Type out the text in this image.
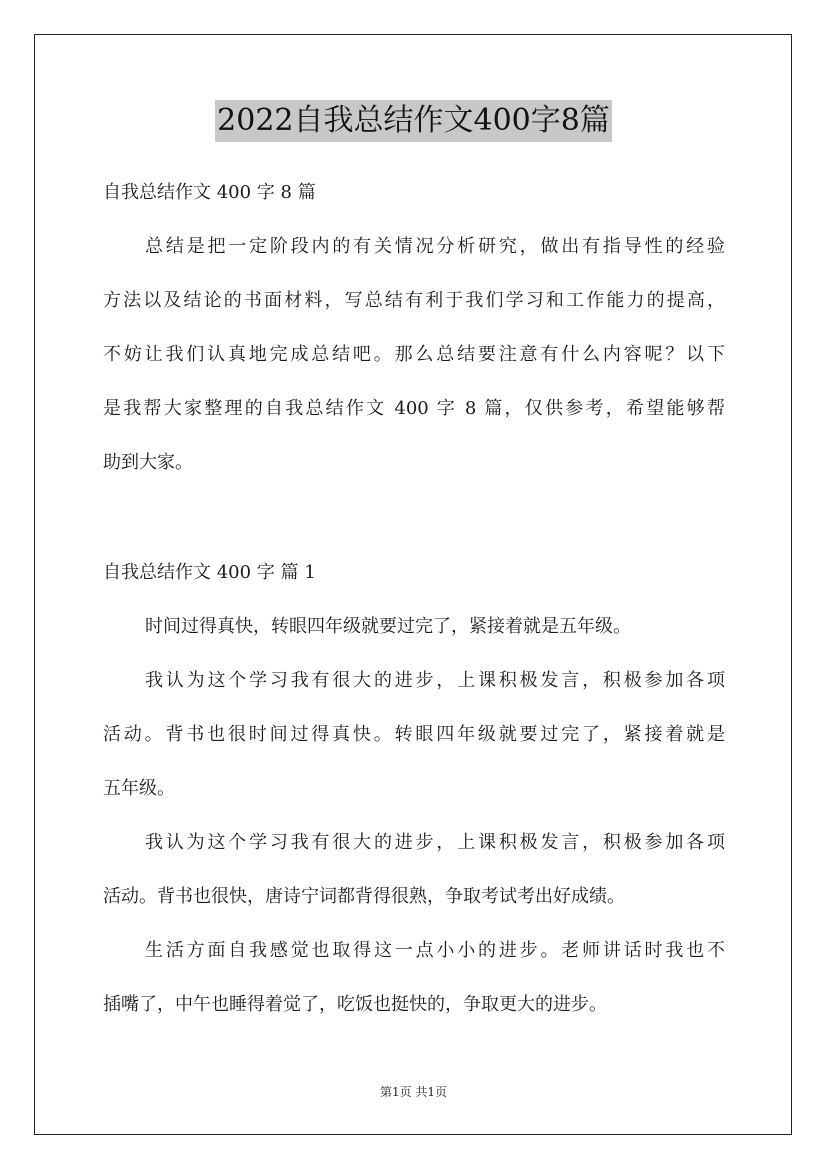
2022自我总结作文400字8篇
自我总结作文 400 字 8 篇
总结是把一定阶段内的有关情况分析研究，做出有指导性的经验
方法以及结论的书面材料，写总结有利于我们学习和工作能力的提高，
不妨让我们认真地完成总结吧。那么总结要注意有什么内容呢？以下
是我帮大家整理的自我总结作文 400 字 8 篇，仅供参考，希望能够帮
助到大家。
自我总结作文 400 字 篇 1
时间过得真快，转眼四年级就要过完了，紧接着就是五年级。
我认为这个学习我有很大的进步，上课积极发言，积极参加各项
活动。背书也很时间过得真快。转眼四年级就要过完了，紧接着就是
五年级。
我认为这个学习我有很大的进步，上课积极发言，积极参加各项
活动。背书也很快，唐诗宁词都背得很熟，争取考试考出好成绩。
生活方面自我感觉也取得这一点小小的进步。老师讲话时我也不
插嘴了，中午也睡得着觉了，吃饭也挺快的，争取更大的进步。
第1页 共1页
